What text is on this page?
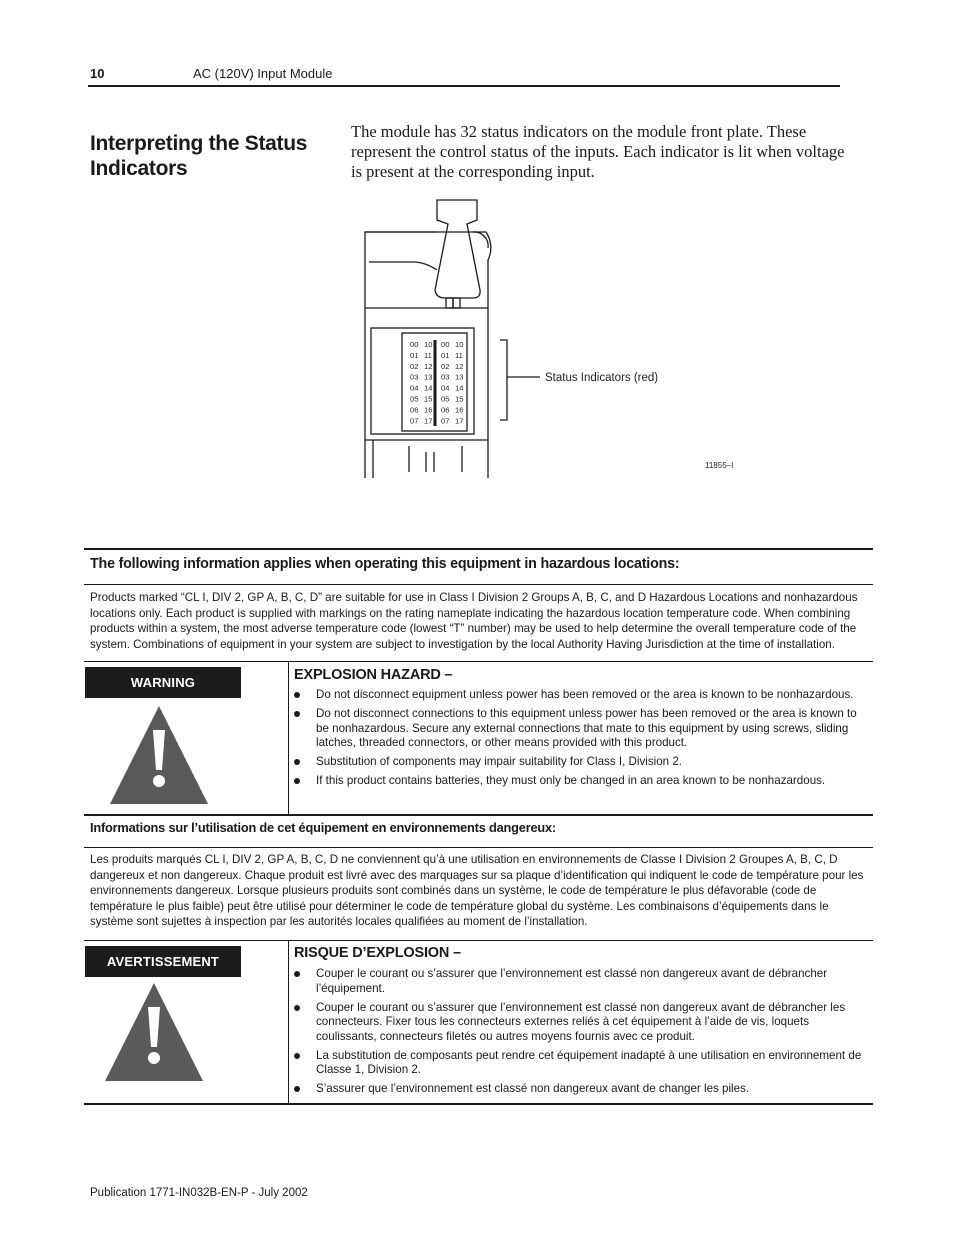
10	AC (120V) Input Module
Interpreting the Status Indicators
The module has 32 status indicators on the module front plate. These represent the control status of the inputs. Each indicator is lit when voltage is present at the corresponding input.
00
01
02
03
04
05
06
07
10
11
12
13
14
15
16
17
00
01
02
03
04
05
06
07
10
11
12
13
14
15
16
17
Status Indicators (red)
11855–I
The following information applies when operating this equipment in hazardous locations:
Products marked “CL I, DIV 2, GP A, B, C, D” are suitable for use in Class I Division 2 Groups A, B, C, and D Hazardous Locations and nonhazardous locations only. Each product is supplied with markings on the rating nameplate indicating the hazardous location temperature code. When combining products within a system, the most adverse temperature code (lowest “T” number) may be used to help determine the overall temperature code of the system. Combinations of equipment in your system are subject to investigation by the local Authority Having Jurisdiction at the time of installation.
WARNING	EXPLOSION HAZARD –
Do not disconnect equipment unless power has been removed or the area is known to be nonhazardous.
Do not disconnect connections to this equipment unless power has been removed or the area is known to be nonhazardous. Secure any external connections that mate to this equipment by using screws, sliding latches, threaded connectors, or other means provided with this product.
Substitution of components may impair suitability for Class I, Division 2.
If this product contains batteries, they must only be changed in an area known to be nonhazardous.
Informations sur l’utilisation de cet équipement en environnements dangereux:
Les produits marqués CL I, DIV 2, GP A, B, C, D ne conviennent qu’à une utilisation en environnements de Classe I Division 2 Groupes A, B, C, D dangereux et non dangereux. Chaque produit est livré avec des marquages sur sa plaque d’identification qui indiquent le code de température pour les environnements dangereux. Lorsque plusieurs produits sont combinés dans un système, le code de température le plus défavorable (code de température le plus faible) peut être utilisé pour déterminer le code de température global du système. Les combinaisons d’équipements dans le système sont sujettes à inspection par les autorités locales qualifiées au moment de l’installation.
AVERTISSEMENT
RISQUE D’EXPLOSION –
Couper le courant ou s’assurer que l’environnement est classé non dangereux avant de débrancher l’équipement.
Couper le courant ou s’assurer que l’environnement est classé non dangereux avant de débrancher les connecteurs. Fixer tous les connecteurs externes reliés à cet équipement à l’aide de vis, loquets coulissants, connecteurs filetés ou autres moyens fournis avec ce produit.
La substitution de composants peut rendre cet équipement inadapté à une utilisation en environnement de Classe 1, Division 2.
S’assurer que l’environnement est classé non dangereux avant de changer les piles.
Publication 1771-IN032B-EN-P - July 2002
